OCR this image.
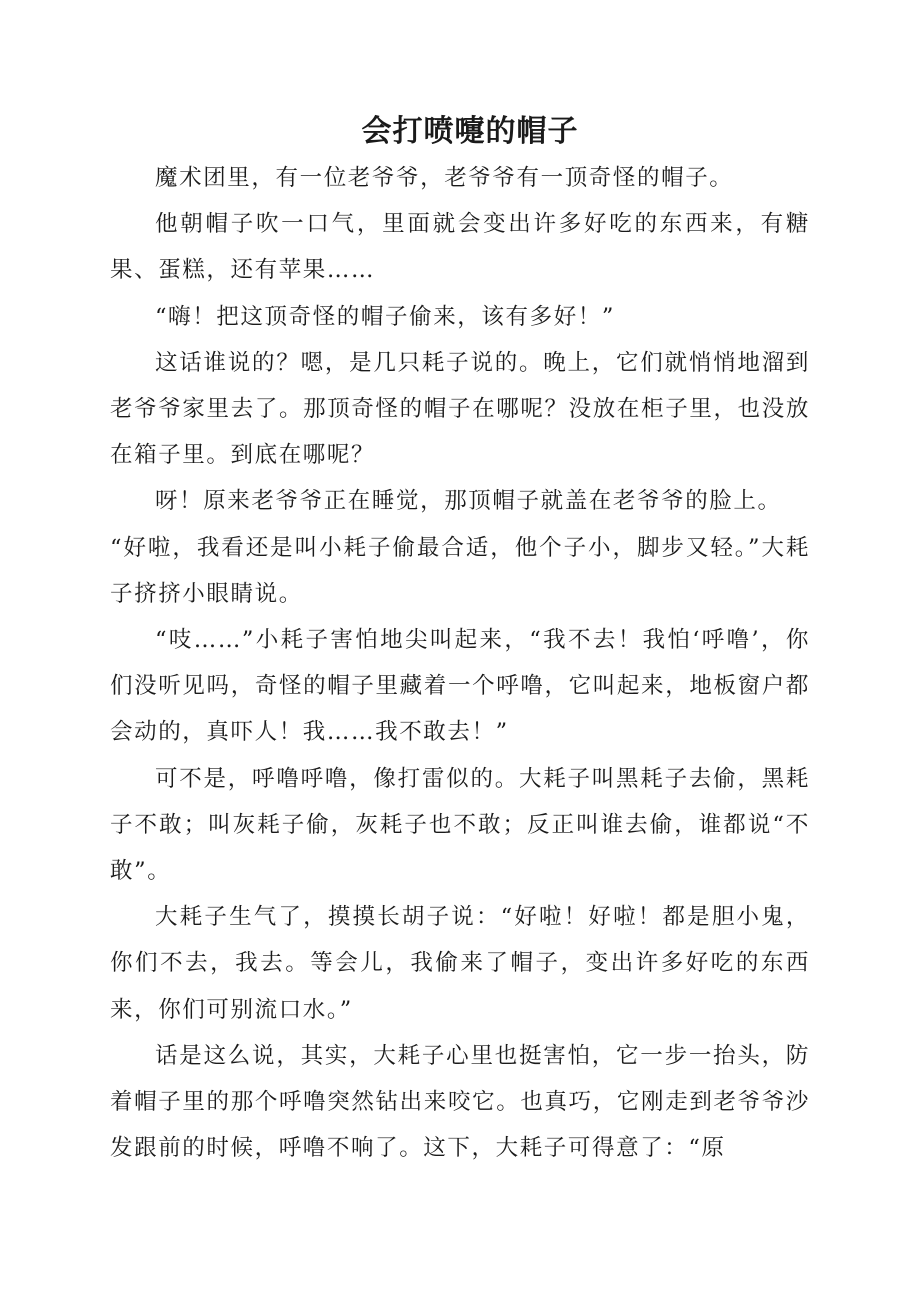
会打喷嚏的帽子

魔术团里，有一位老爷爷，老爷爷有一顶奇怪的帽子。

他朝帽子吹一口气，里面就会变出许多好吃的东西来，有糖果、蛋糕，还有苹果……

“嗨！把这顶奇怪的帽子偷来，该有多好！”

这话谁说的？嗯，是几只耗子说的。晚上，它们就悄悄地溜到老爷爷家里去了。那顶奇怪的帽子在哪呢？没放在柜子里，也没放在箱子里。到底在哪呢？

呀！原来老爷爷正在睡觉，那顶帽子就盖在老爷爷的脸上。

“好啦，我看还是叫小耗子偷最合适，他个子小，脚步又轻。”大耗子挤挤小眼睛说。

“吱……”小耗子害怕地尖叫起来，“我不去！我怕‘呼噜’，你们没听见吗，奇怪的帽子里藏着一个呼噜，它叫起来，地板窗户都会动的，真吓人！我……我不敢去！”

可不是，呼噜呼噜，像打雷似的。大耗子叫黑耗子去偷，黑耗子不敢；叫灰耗子偷，灰耗子也不敢；反正叫谁去偷，谁都说“不敢”。

大耗子生气了，摸摸长胡子说：“好啦！好啦！都是胆小鬼，你们不去，我去。等会儿，我偷来了帽子，变出许多好吃的东西来，你们可别流口水。”

话是这么说，其实，大耗子心里也挺害怕，它一步一抬头，防着帽子里的那个呼噜突然钻出来咬它。也真巧，它刚走到老爷爷沙发跟前的时候，呼噜不响了。这下，大耗子可得意了：“原
